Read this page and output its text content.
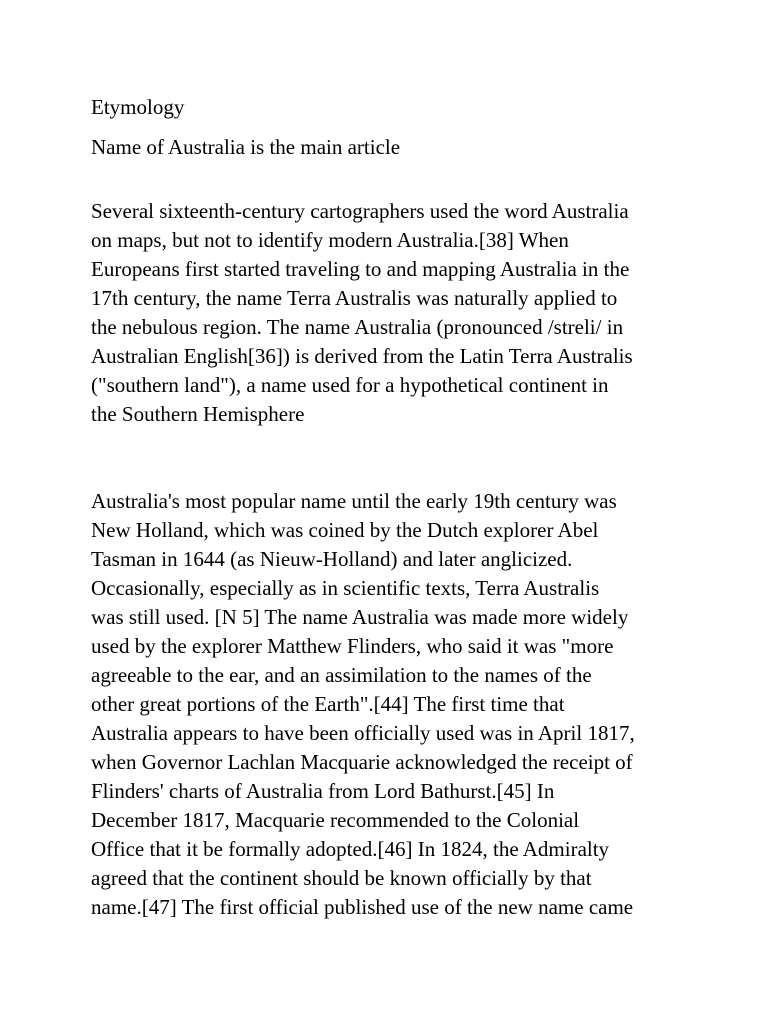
Etymology
Name of Australia is the main article

Several sixteenth-century cartographers used the word Australia
on maps, but not to identify modern Australia.[38] When
Europeans first started traveling to and mapping Australia in the
17th century, the name Terra Australis was naturally applied to
the nebulous region. The name Australia (pronounced /streli/ in
Australian English[36]) is derived from the Latin Terra Australis
("southern land"), a name used for a hypothetical continent in
the Southern Hemisphere

Australia's most popular name until the early 19th century was
New Holland, which was coined by the Dutch explorer Abel
Tasman in 1644 (as Nieuw-Holland) and later anglicized.
Occasionally, especially as in scientific texts, Terra Australis
was still used. [N 5] The name Australia was made more widely
used by the explorer Matthew Flinders, who said it was "more
agreeable to the ear, and an assimilation to the names of the
other great portions of the Earth".[44] The first time that
Australia appears to have been officially used was in April 1817,
when Governor Lachlan Macquarie acknowledged the receipt of
Flinders' charts of Australia from Lord Bathurst.[45] In
December 1817, Macquarie recommended to the Colonial
Office that it be formally adopted.[46] In 1824, the Admiralty
agreed that the continent should be known officially by that
name.[47] The first official published use of the new name came
